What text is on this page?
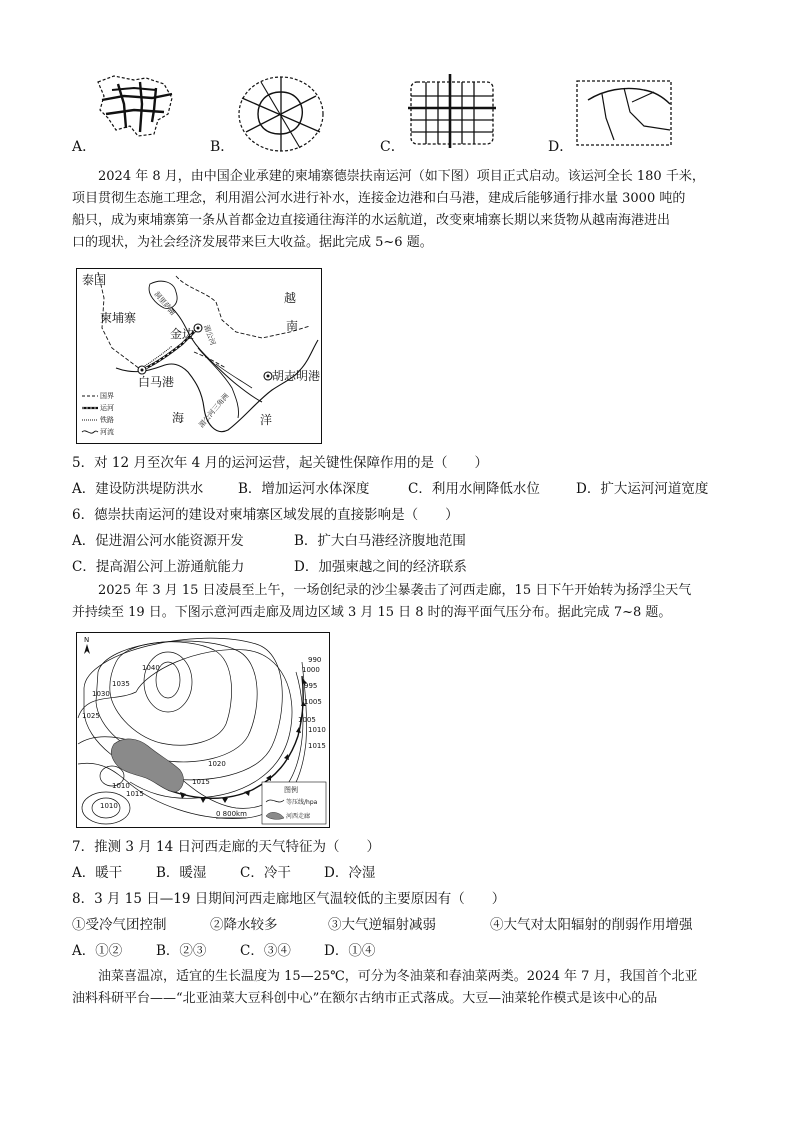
A．	B．	C．	D．
2024 年 8 月，由中国企业承建的柬埔寨德崇扶南运河（如下图）项目正式启动。该运河全长 180 千米，
项目贯彻生态施工理念，利用湄公河水进行补水，连接金边港和白马港，建成后能够通行排水量 3000 吨的
船只，成为柬埔寨第一条从首都金边直接通往海洋的水运航道，改变柬埔寨长期以来货物从越南海港进出
口的现状，为社会经济发展带来巨大收益。据此完成 5~6 题。
泰国
柬埔寨
洞里萨湖
金边 湄公河
越
南
白马港	胡志明港
湄公河三角洲
海	洋
国界
运河
铁路
河流
5．对 12 月至次年 4 月的运河运营，起关键性保障作用的是（　　）
A．建设防洪堤防洪水	B．增加运河水体深度	C．利用水闸降低水位	D．扩大运河河道宽度
6．德崇扶南运河的建设对柬埔寨区域发展的直接影响是（　　）
A．促进湄公河水能资源开发	B．扩大白马港经济腹地范围
C．提高湄公河上游通航能力	D．加强柬越之间的经济联系
2025 年 3 月 15 日凌晨至上午，一场创纪录的沙尘暴袭击了河西走廊，15 日下午开始转为扬浮尘天气
并持续至 19 日。下图示意河西走廊及周边区域 3 月 15 日 8 时的海平面气压分布。据此完成 7~8 题。
N
1040
1035
1030
1025
1020
1015
1010
1015
1010
1005
1000
995
990
1005
1010
1015
0 800km
图例
等压线/hpa
河西走廊
7．推测 3 月 14 日河西走廊的天气特征为（　　）
A．暖干	B．暖湿 C．冷干 D．冷湿
8．3 月 15 日—19 日期间河西走廊地区气温较低的主要原因有（　　）
①受冷气团控制	②降水较多	③大气逆辐射减弱	④大气对太阳辐射的削弱作用增强
A．①②	B．②③ C．③④ D．①④
油菜喜温凉，适宜的生长温度为 15—25℃，可分为冬油菜和春油菜两类。2024 年 7 月，我国首个北亚
油料科研平台——“北亚油菜大豆科创中心”在额尔古纳市正式落成。大豆—油菜轮作模式是该中心的品
